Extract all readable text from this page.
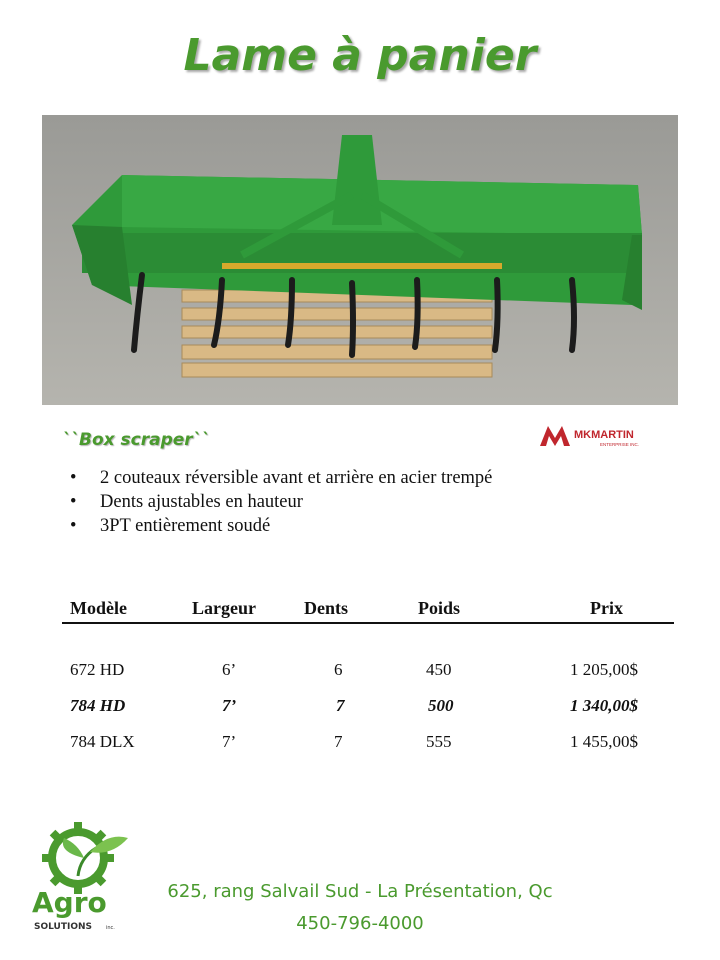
Lame à panier
``Box scraper``	MKMARTIN
ENTERPRISE INC.
• 2 couteaux réversible avant et arrière en acier trempé
• Dents ajustables en hauteur
• 3PT entièrement soudé
Modèle	Largeur	Dents	Poids	Prix
672 HD	6’	6	450	1 205,00$
784 HD	7’	7	500	1 340,00$
784 DLX	7’	7	555	1 455,00$
Agro
SOLUTIONS	inc.
625, rang Salvail Sud - La Présentation, Qc
450-796-4000
